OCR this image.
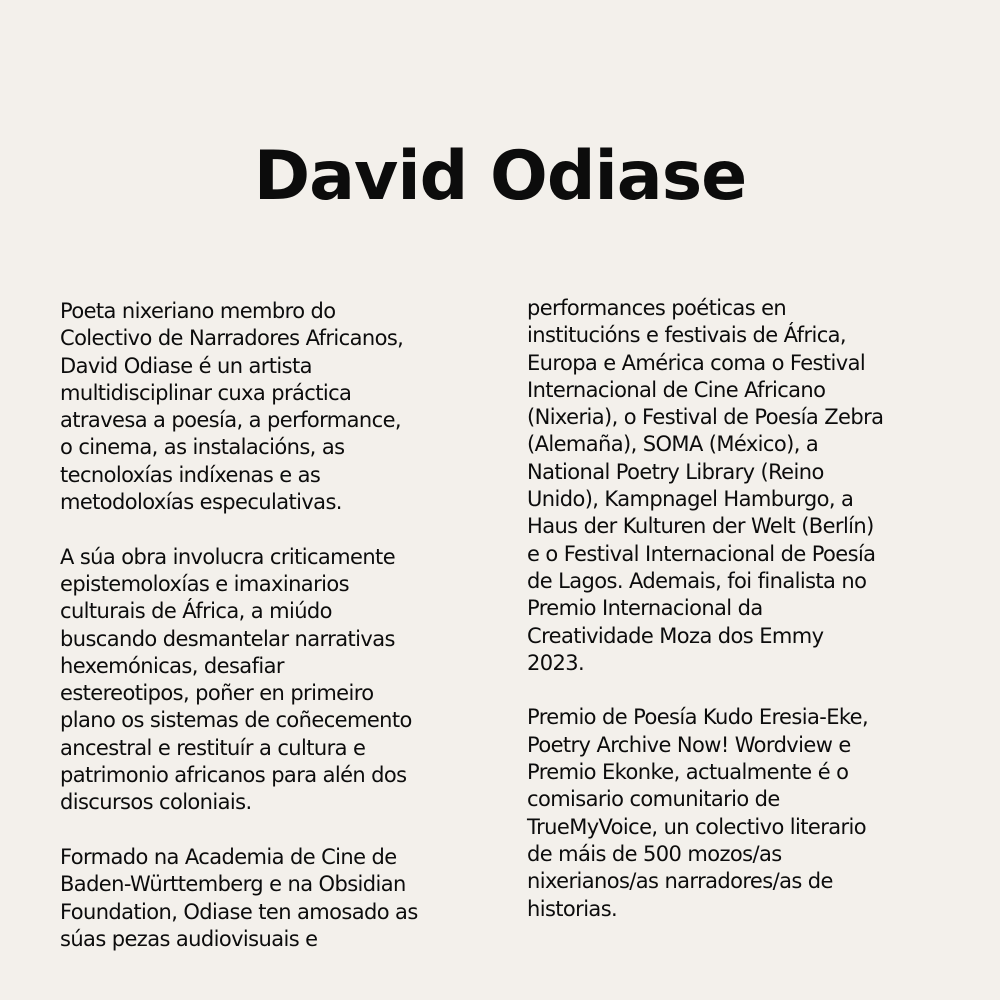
David Odiase
Poeta nixeriano membro do
Colectivo de Narradores Africanos,
David Odiase é un artista
multidisciplinar cuxa práctica
atravesa a poesía, a performance,
o cinema, as instalacións, as
tecnoloxías indíxenas e as
metodoloxías especulativas.
A súa obra involucra criticamente
epistemoloxías e imaxinarios
culturais de África, a miúdo
buscando desmantelar narrativas
hexemónicas, desafiar
estereotipos, poñer en primeiro
plano os sistemas de coñecemento
ancestral e restituír a cultura e
patrimonio africanos para alén dos
discursos coloniais.
Formado na Academia de Cine de
Baden-Württemberg e na Obsidian
Foundation, Odiase ten amosado as
súas pezas audiovisuais e
performances poéticas en
institucións e festivais de África,
Europa e América coma o Festival
Internacional de Cine Africano
(Nixeria), o Festival de Poesía Zebra
(Alemaña), SOMA (México), a
National Poetry Library (Reino
Unido), Kampnagel Hamburgo, a
Haus der Kulturen der Welt (Berlín)
e o Festival Internacional de Poesía
de Lagos. Ademais, foi finalista no
Premio Internacional da
Creatividade Moza dos Emmy
2023.
Premio de Poesía Kudo Eresia-Eke,
Poetry Archive Now! Wordview e
Premio Ekonke, actualmente é o
comisario comunitario de
TrueMyVoice, un colectivo literario
de máis de 500 mozos/as
nixerianos/as narradores/as de
historias.
